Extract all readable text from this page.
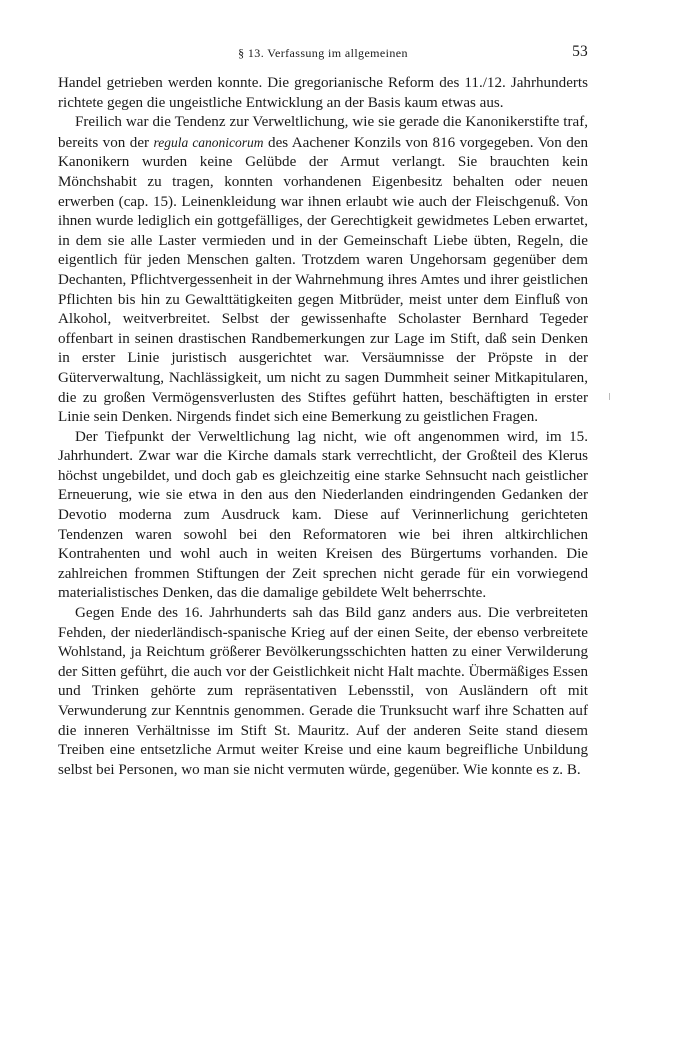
§ 13. Verfassung im allgemeinen	53

Handel getrieben werden konnte. Die gregorianische Reform des 11./12. Jahrhunderts richtete gegen die ungeistliche Entwicklung an der Basis kaum etwas aus.

Freilich war die Tendenz zur Verweltlichung, wie sie gerade die Kanonikerstifte traf, bereits von der regula canonicorum des Aachener Konzils von 816 vorgegeben. Von den Kanonikern wurden keine Gelübde der Armut verlangt. Sie brauchten kein Mönchshabit zu tragen, konnten vorhandenen Eigenbesitz behalten oder neuen erwerben (cap. 15). Leinenkleidung war ihnen erlaubt wie auch der Fleischgenuß. Von ihnen wurde lediglich ein gottgefälliges, der Gerechtigkeit gewidmetes Leben erwartet, in dem sie alle Laster vermieden und in der Gemeinschaft Liebe übten, Regeln, die eigentlich für jeden Menschen galten. Trotzdem waren Ungehorsam gegenüber dem Dechanten, Pflichtvergessenheit in der Wahrnehmung ihres Amtes und ihrer geistlichen Pflichten bis hin zu Gewalttätigkeiten gegen Mitbrüder, meist unter dem Einfluß von Alkohol, weitverbreitet. Selbst der gewissenhafte Scholaster Bernhard Tegeder offenbart in seinen drastischen Randbemerkungen zur Lage im Stift, daß sein Denken in erster Linie juristisch ausgerichtet war. Versäumnisse der Pröpste in der Güterverwaltung, Nachlässigkeit, um nicht zu sagen Dummheit seiner Mitkapitularen, die zu großen Vermögensverlusten des Stiftes geführt hatten, beschäftigten in erster Linie sein Denken. Nirgends findet sich eine Bemerkung zu geistlichen Fragen.

Der Tiefpunkt der Verweltlichung lag nicht, wie oft angenommen wird, im 15. Jahrhundert. Zwar war die Kirche damals stark verrechtlicht, der Großteil des Klerus höchst ungebildet, und doch gab es gleichzeitig eine starke Sehnsucht nach geistlicher Erneuerung, wie sie etwa in den aus den Niederlanden eindringenden Gedanken der Devotio moderna zum Ausdruck kam. Diese auf Verinnerlichung gerichteten Tendenzen waren sowohl bei den Reformatoren wie bei ihren altkirchlichen Kontrahenten und wohl auch in weiten Kreisen des Bürgertums vorhanden. Die zahlreichen frommen Stiftungen der Zeit sprechen nicht gerade für ein vorwiegend materialistisches Denken, das die damalige gebildete Welt beherrschte.

Gegen Ende des 16. Jahrhunderts sah das Bild ganz anders aus. Die verbreiteten Fehden, der niederländisch-spanische Krieg auf der einen Seite, der ebenso verbreitete Wohlstand, ja Reichtum größerer Bevölkerungsschichten hatten zu einer Verwilderung der Sitten geführt, die auch vor der Geistlichkeit nicht Halt machte. Übermäßiges Essen und Trinken gehörte zum repräsentativen Lebensstil, von Ausländern oft mit Verwunderung zur Kenntnis genommen. Gerade die Trunksucht warf ihre Schatten auf die inneren Verhältnisse im Stift St. Mauritz. Auf der anderen Seite stand diesem Treiben eine entsetzliche Armut weiter Kreise und eine kaum begreifliche Unbildung selbst bei Personen, wo man sie nicht vermuten würde, gegenüber. Wie konnte es z. B.
